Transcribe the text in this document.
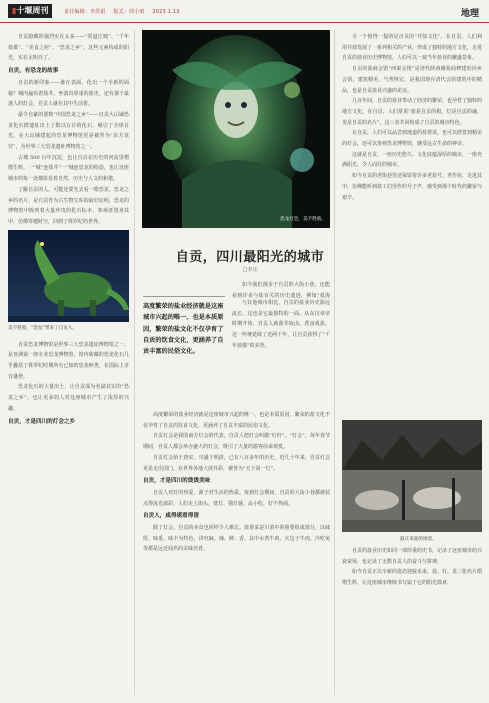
▮十堰周刊	责任编辑：李洪银 版式：周小雨 2023.1.13	地理

自贡隐藏的强烈实在太多——“常道江城”、“千年盐都”、“美食之府”、“恐龙之乡”，这些元素构成的阳光，实在太明亮了。

自贡，有恐龙的故事

自贡的新印象——谁在表面，化出一个全新的面貌？城内遍布着盐井，坐落出厚重的盐史，还有那个最迷人的灯会，自贡人就在其中生活着。

最令自豪的要数“中国恐龙之乡”——自贡大山铺恐龙化石群遗址出土了数以万计的化石，吸引了全球目光，在大山铺建起的恐龙博物馆更是被誉为“东方龙宫”，为世界三大恐龙遗址博物馆之一。

古城 500 百年沉淀，也让自贡在历史的河流里熠熠生辉，一“城”连盐井“一”城连恐龙的构造，也让这座城市的每一处都彰显着自然、历史与人文的和谐。

了解自贡的人，可能还要先去看一眼恐龙。恐龙之乡的名片，是自贡作为古生物宝库的最好证明，恐龙的博物馆中陈列着大量珍贵的化石标本，参观者置身其中，仿佛穿越时空，回到了侏罗纪的世界。

美不胜收，“恐龙”带来了自贡人。

自贡恐龙博物馆是世界三大恐龙遗址博物馆之一，是亚洲第一座专业恐龙博物馆，馆内收藏的恐龙化石几乎囊括了侏罗纪时期所有已知的恐龙种类，在国际上享有盛誉。

恐龙化石的大量出土，让自贡成为名副其实的“恐龙之乡”，也让更多的人对这座城市产生了浓厚的兴趣。

自贡，才是四川的灯会之乡
恐龙灯会，美不胜收。
自贡，四川最阳光的城市
□李庄
高度繁荣的盐业经济就是这座城市兴起的唯一、也是本质原因，繁荣的盐文化不仅孕育了自贡的饮食文化，更涵养了自贡丰富的民俗文化。

与其他城市相比，自贡的盐业历史源远流长，这也是它最独特的一面。从东汉章帝时期开始，自贡人就凿井取卤、煮卤成盐，这一传统延续了近两千年，让自贡获得了“千年盐都”的美誉。

如今我们漫步于自贡的大街小巷，还能看到许多与盐有关的历史遗迹，例如“燊海

高度繁荣的盐业经济就是这座城市兴起的唯一、也是本质原因，繁荣的盐文化不仅孕育了自贡的饮食文化，更涵养了自贡丰富的民俗文化。

自贡灯会是我国南方灯会的代表，自贡人把灯会叫做“灯杆”、“灯会”，每年春节期间，自贡人都会举办盛大的灯会，吸引了大量的游客前来观赏。

自贡灯会始于唐宋，兴盛于明清，已有八百多年的历史，近几十年来，自贡灯会更是走出国门，在世界各地大放异彩，被誉为“天下第一灯”。

自贡，才是四川的烫烫美味

自贡人对灯的热爱，源于对生活的热爱。每到灯会期间，自贡的大街小巷都被装点得流光溢彩，人们走上街头，赏灯、猜灯谜、品小吃，好不热闹。

自贡人，咸得堪看得清

除了灯会，自贡的美食也同样令人难忘。盐帮菜是川菜中的重要组成部分，以味厚、味重、味丰为特色，讲究麻、辣、鲜、香，其中水煮牛肉、火边子牛肉、冷吃兔等都是远近闻名的美味佳肴。

另一个值得一提的是自贡的“井盐文化”。在自贡，人们利用井盐发展了一系列相关的产业，形成了独特的地方文化，走进自贡的盐业历史博物馆，人们可以一窥当年盐业的繁盛景象。

自贡的盐商会馆“西秦会馆”是清代陕西籍盐商修建的同乡会馆，建筑精美，气势恢宏，是我国现存清代会馆建筑中的精品，也是自贡盐业兴盛的见证。

几百年间，自贡的盐业带动了经济的繁荣，也孕育了独特的地方文化，在自贡，人们常说“盐是自贡的根，灯是自贡的魂，龙是自贡的名片”，这三者共同构成了自贡的城市特色。

在自贡，人们可以品尝到地道的盐帮菜，也可以欣赏到精美的灯会，还可以参观恐龙博物馆，感受远古生命的神奇。

这就是自贡，一座历史悠久、文化底蕴深厚的城市，一座充满阳光、令人向往的城市。

如今自贡的老街巷里还保留着许多老盐号、老作坊，走进其中，仿佛能听到盐工们劳作的号子声，感受到那个时代的繁荣与艰辛。

鼓庄采盐的场景。

自贡的盐业历史如同一部厚重的史书，记录了这座城市的兴衰荣辱，也记录了无数自贡人的奋斗与拼搏。

如今自贡正以全新的姿态迎接未来，盐、灯、龙三张名片熠熠生辉，让这座城市继续书写属于它的阳光篇章。
